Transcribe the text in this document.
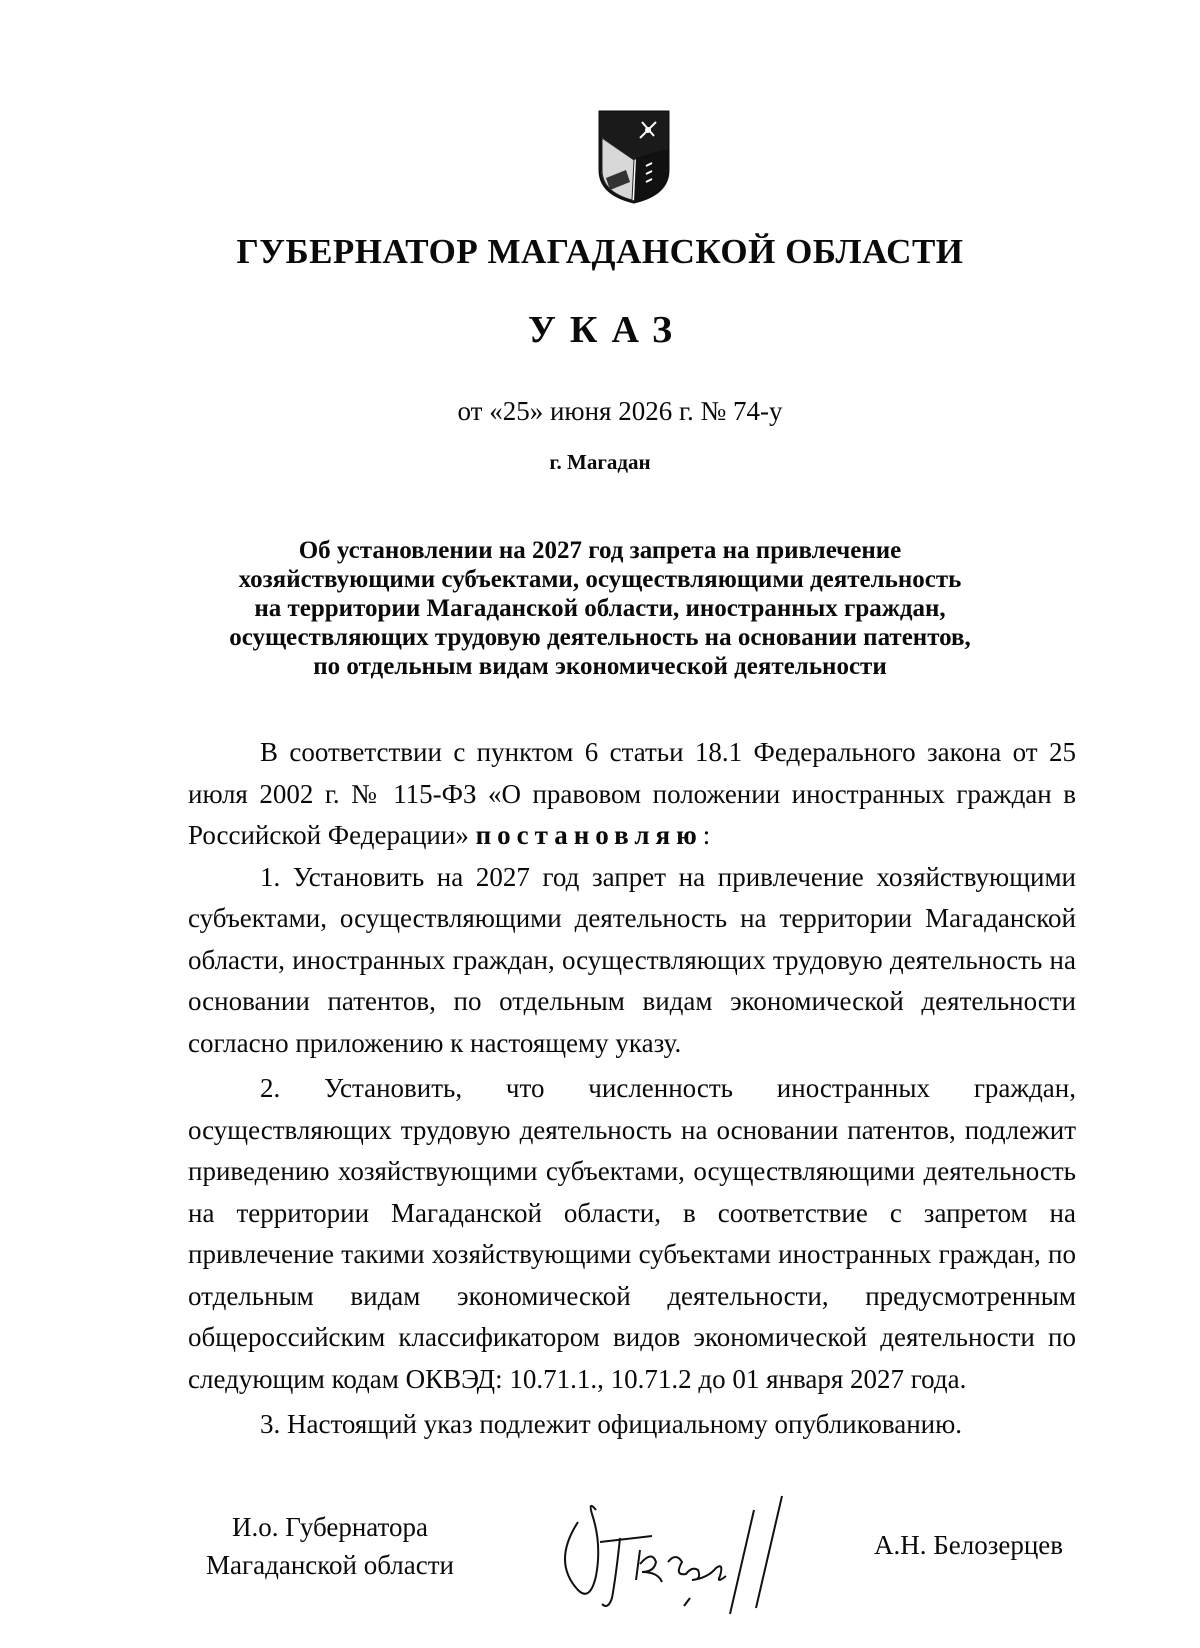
ГУБЕРНАТОР МАГАДАНСКОЙ ОБЛАСТИ
УКАЗ

от «25» июня 2026 г. № 74-у

г. Магадан

Об установлении на 2027 год запрета на привлечение
хозяйствующими субъектами, осуществляющими деятельность
на территории Магаданской области, иностранных граждан,
осуществляющих трудовую деятельность на основании патентов,
по отдельным видам экономической деятельности

В соответствии с пунктом 6 статьи 18.1 Федерального закона от 25 июля 2002 г. № 115-ФЗ «О правовом положении иностранных граждан в Российской Федерации» постановляю:

1. Установить на 2027 год запрет на привлечение хозяйствующими субъектами, осуществляющими деятельность на территории Магаданской области, иностранных граждан, осуществляющих трудовую деятельность на основании патентов, по отдельным видам экономической деятельности согласно приложению к настоящему указу.

2. Установить, что численность иностранных граждан, осуществляющих трудовую деятельность на основании патентов, подлежит приведению хозяйствующими субъектами, осуществляющими деятельность на территории Магаданской области, в соответствие с запретом на привлечение такими хозяйствующими субъектами иностранных граждан, по отдельным видам экономической деятельности, предусмотренным общероссийским классификатором видов экономической деятельности по следующим кодам ОКВЭД: 10.71.1., 10.71.2 до 01 января 2027 года.

3. Настоящий указ подлежит официальному опубликованию.

И.о. Губернатора
Магаданской области
А.Н. Белозерцев
